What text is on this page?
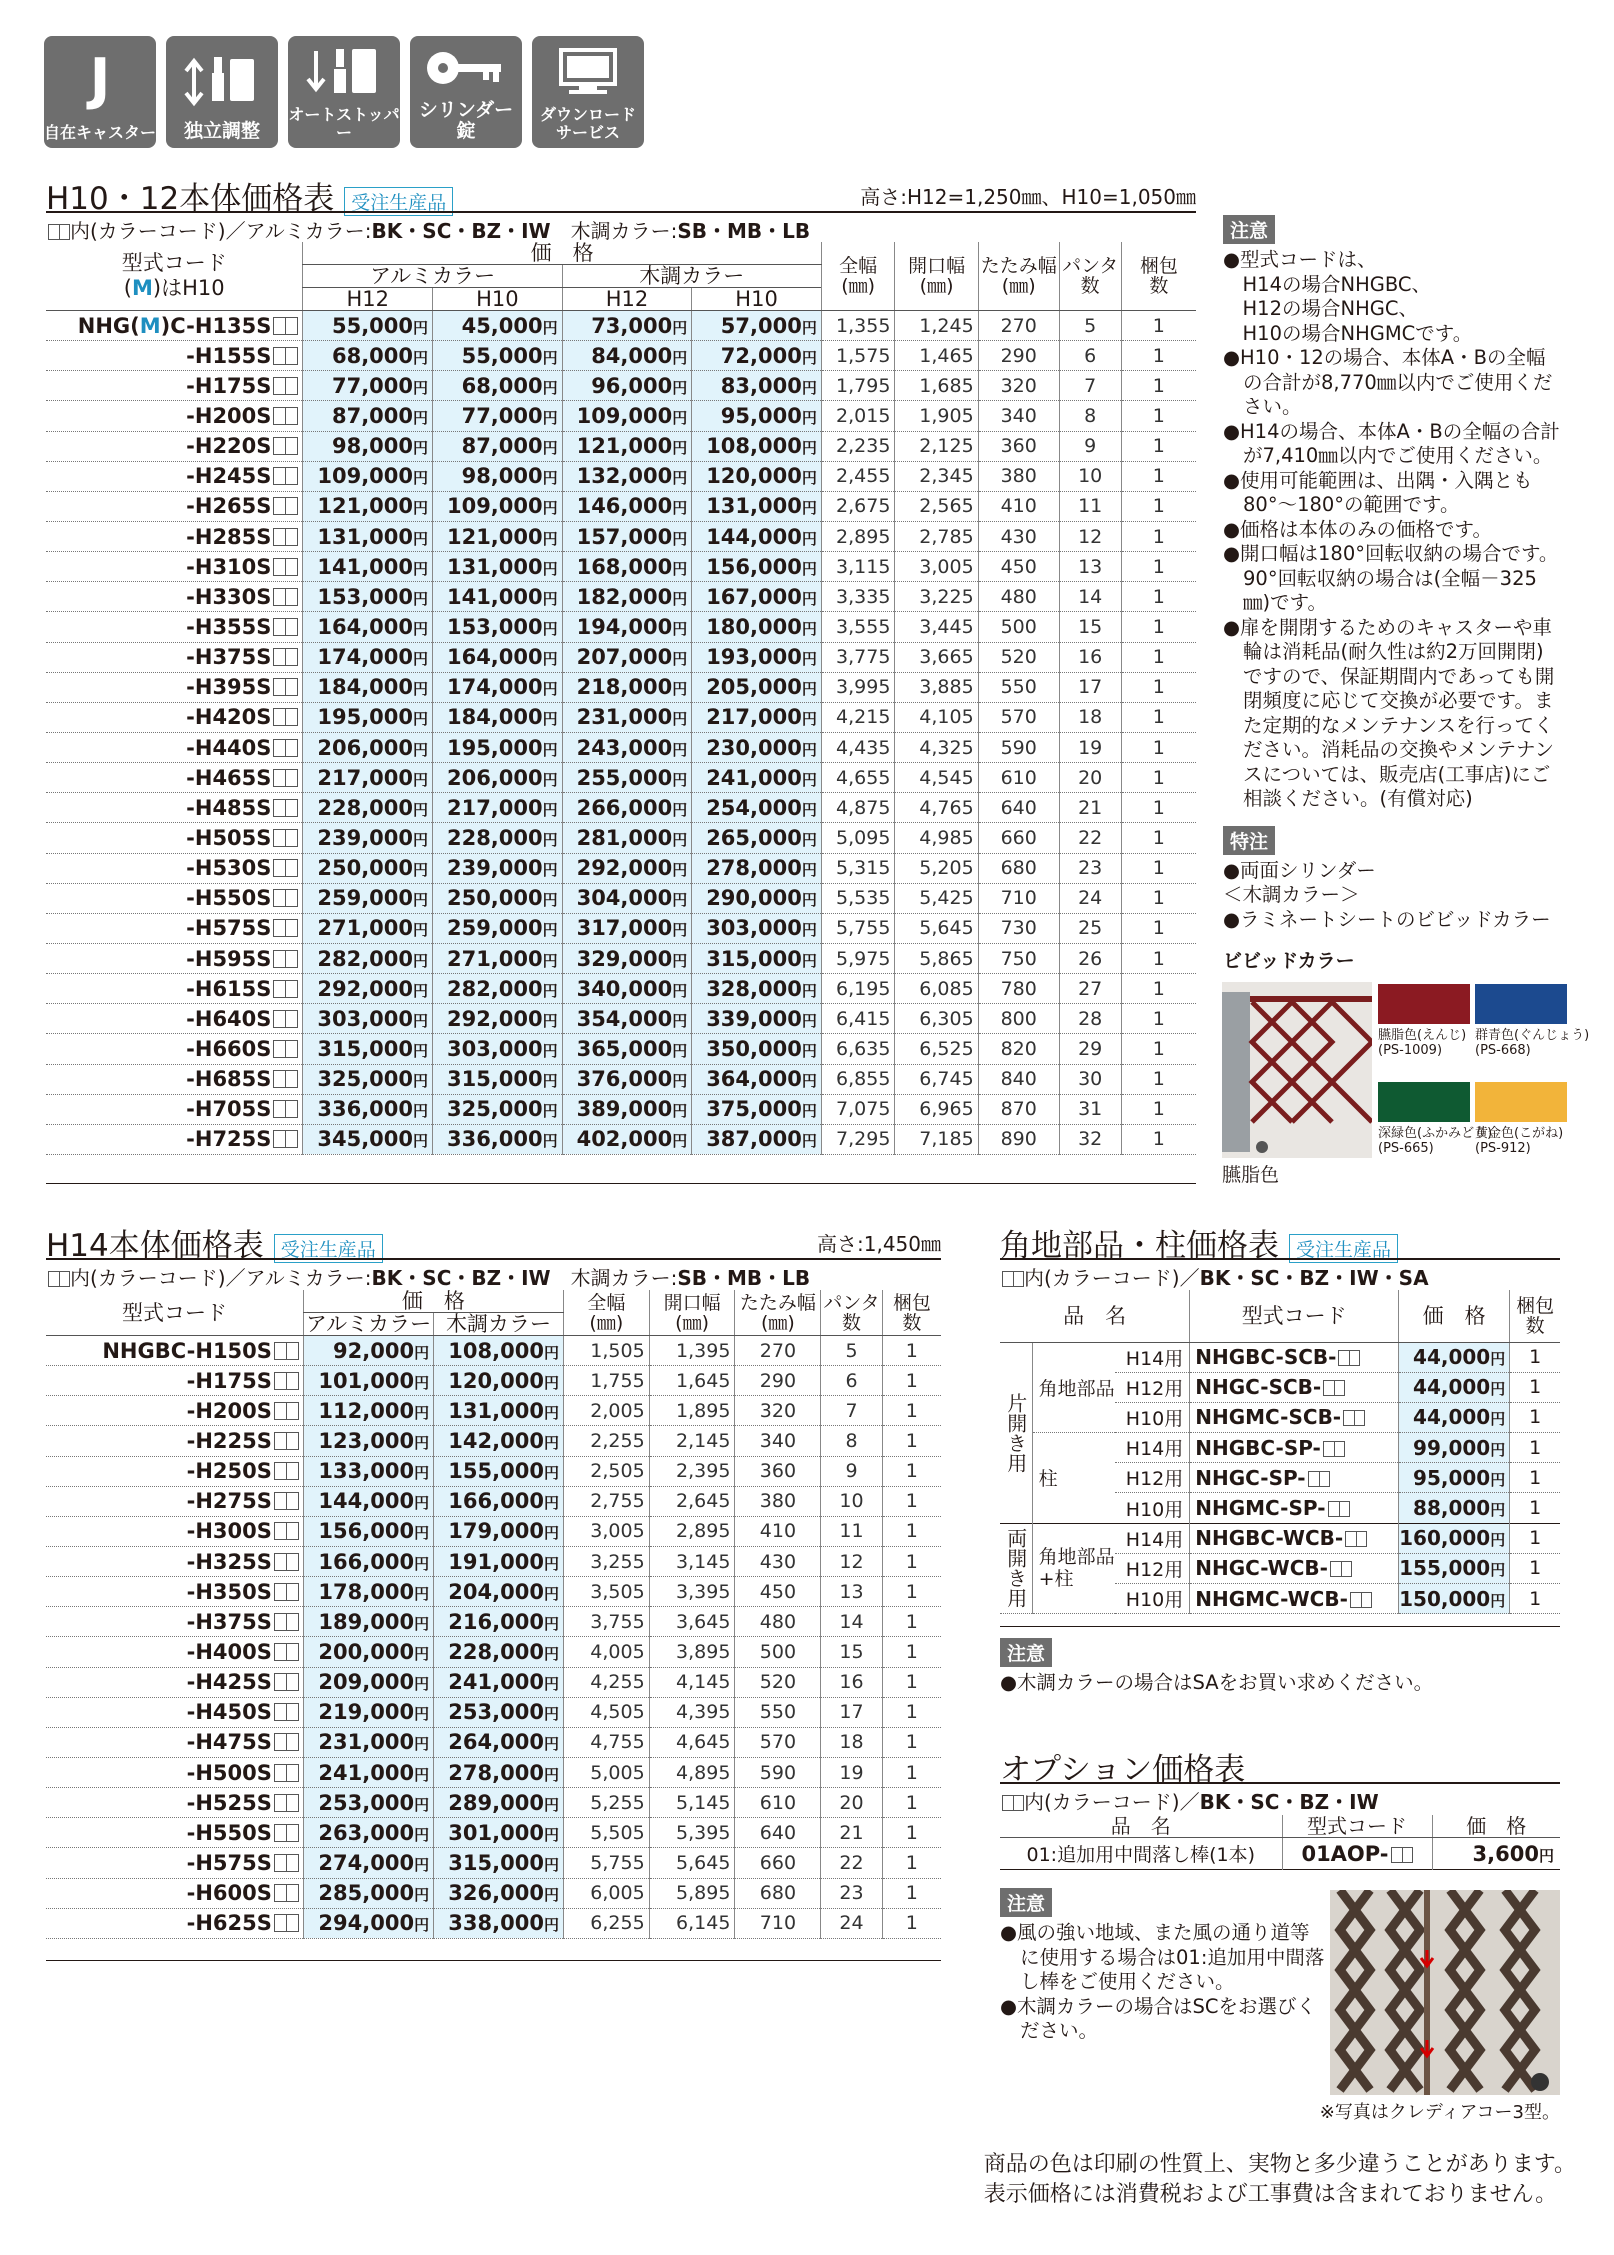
J
自在キャスター 独立調整
オートストッパー
シリンダー錠
ダウンロード
サービス
H10・12本体価格表 受注生産品	高さ:H12=1,250㎜、H10=1,050㎜
内(カラーコード)／アルミカラー:BK・SC・BZ・IW　木調カラー:SB・MB・LB
型式コード
(M)はH10	価　格				全幅
(㎜)	開口幅
(㎜)	たたみ幅
(㎜)	パンタ
数	梱包
数
	アルミカラー		木調カラー						
	H12	H10	H12	H10					
NHG(M)C-H135S	55,000円	45,000円	73,000円	57,000円	1,355	1,245	270	5	1
-H155S	68,000円	55,000円	84,000円	72,000円	1,575	1,465	290	6	1
-H175S	77,000円	68,000円	96,000円	83,000円	1,795	1,685	320	7	1
-H200S	87,000円	77,000円	109,000円	95,000円	2,015	1,905	340	8	1
-H220S	98,000円	87,000円	121,000円	108,000円	2,235	2,125	360	9	1
-H245S	109,000円	98,000円	132,000円	120,000円	2,455	2,345	380	10	1
-H265S	121,000円	109,000円	146,000円	131,000円	2,675	2,565	410	11	1
-H285S	131,000円	121,000円	157,000円	144,000円	2,895	2,785	430	12	1
-H310S	141,000円	131,000円	168,000円	156,000円	3,115	3,005	450	13	1
-H330S	153,000円	141,000円	182,000円	167,000円	3,335	3,225	480	14	1
-H355S	164,000円	153,000円	194,000円	180,000円	3,555	3,445	500	15	1
-H375S	174,000円	164,000円	207,000円	193,000円	3,775	3,665	520	16	1
-H395S	184,000円	174,000円	218,000円	205,000円	3,995	3,885	550	17	1
-H420S	195,000円	184,000円	231,000円	217,000円	4,215	4,105	570	18	1
-H440S	206,000円	195,000円	243,000円	230,000円	4,435	4,325	590	19	1
-H465S	217,000円	206,000円	255,000円	241,000円	4,655	4,545	610	20	1
-H485S	228,000円	217,000円	266,000円	254,000円	4,875	4,765	640	21	1
-H505S	239,000円	228,000円	281,000円	265,000円	5,095	4,985	660	22	1
-H530S	250,000円	239,000円	292,000円	278,000円	5,315	5,205	680	23	1
-H550S	259,000円	250,000円	304,000円	290,000円	5,535	5,425	710	24	1
-H575S	271,000円	259,000円	317,000円	303,000円	5,755	5,645	730	25	1
-H595S	282,000円	271,000円	329,000円	315,000円	5,975	5,865	750	26	1
-H615S	292,000円	282,000円	340,000円	328,000円	6,195	6,085	780	27	1
-H640S	303,000円	292,000円	354,000円	339,000円	6,415	6,305	800	28	1
-H660S	315,000円	303,000円	365,000円	350,000円	6,635	6,525	820	29	1
-H685S	325,000円	315,000円	376,000円	364,000円	6,855	6,745	840	30	1
-H705S	336,000円	325,000円	389,000円	375,000円	7,075	6,965	870	31	1
-H725S	345,000円	336,000円	402,000円	387,000円	7,295	7,185	890	32	1
注意

●型式コードは、

　H14の場合NHGBC、

　H12の場合NHGC、

　H10の場合NHGMCです。

●H10・12の場合、本体A・Bの全幅の合計が8,770㎜以内でご使用ください。

●H14の場合、本体A・Bの全幅の合計が7,410㎜以内でご使用ください。

●使用可能範囲は、出隅・入隅とも80°～180°の範囲です。

●価格は本体のみの価格です。

●開口幅は180°回転収納の場合です。90°回転収納の場合は(全幅－325㎜)です。

●扉を開閉するためのキャスターや車輪は消耗品(耐久性は約2万回開閉)ですので、保証期間内であっても開閉頻度に応じて交換が必要です。また定期的なメンテナンスを行ってください。消耗品の交換やメンテナンスについては、販売店(工事店)にご相談ください。(有償対応)

特注

●両面シリンダー

＜木調カラー＞

●ラミネートシートのビビッドカラー

ビビッドカラー
臙脂色
臙脂色(えんじ)
(PS-1009)
群青色(ぐんじょう)
(PS-668)
深緑色(ふかみどり)
(PS-665)
黄金色(こがね)
(PS-912)
H14本体価格表 受注生産品	高さ:1,450㎜
内(カラーコード)／アルミカラー:BK・SC・BZ・IW　木調カラー:SB・MB・LB
型式コード	価　格		全幅
(㎜)	開口幅
(㎜)	たたみ幅
(㎜)	パンタ
数	梱包
数
	アルミカラー	木調カラー					
NHGBC-H150S	92,000円	108,000円	1,505	1,395	270	5	1
-H175S	101,000円	120,000円	1,755	1,645	290	6	1
-H200S	112,000円	131,000円	2,005	1,895	320	7	1
-H225S	123,000円	142,000円	2,255	2,145	340	8	1
-H250S	133,000円	155,000円	2,505	2,395	360	9	1
-H275S	144,000円	166,000円	2,755	2,645	380	10	1
-H300S	156,000円	179,000円	3,005	2,895	410	11	1
-H325S	166,000円	191,000円	3,255	3,145	430	12	1
-H350S	178,000円	204,000円	3,505	3,395	450	13	1
-H375S	189,000円	216,000円	3,755	3,645	480	14	1
-H400S	200,000円	228,000円	4,005	3,895	500	15	1
-H425S	209,000円	241,000円	4,255	4,145	520	16	1
-H450S	219,000円	253,000円	4,505	4,395	550	17	1
-H475S	231,000円	264,000円	4,755	4,645	570	18	1
-H500S	241,000円	278,000円	5,005	4,895	590	19	1
-H525S	253,000円	289,000円	5,255	5,145	610	20	1
-H550S	263,000円	301,000円	5,505	5,395	640	21	1
-H575S	274,000円	315,000円	5,755	5,645	660	22	1
-H600S	285,000円	326,000円	6,005	5,895	680	23	1
-H625S	294,000円	338,000円	6,255	6,145	710	24	1
角地部品・柱価格表 受注生産品
内(カラーコード)／BK・SC・BZ・IW・SA
品　名			型式コード	価　格	梱包
数
片開き用	角地部品	H14用	NHGBC-SCB-	44,000円	1
		H12用	NHGC-SCB-	44,000円	1
		H10用	NHGMC-SCB-	44,000円	1
	柱	H14用	NHGBC-SP-	99,000円	1
		H12用	NHGC-SP-	95,000円	1
		H10用	NHGMC-SP-	88,000円	1
両開き用	角地部品
+柱	H14用	NHGBC-WCB-	160,000円	1
		H12用	NHGC-WCB-	155,000円	1
		H10用	NHGMC-WCB-	150,000円	1
注意
●木調カラーの場合はSAをお買い求めください。
オプション価格表
内(カラーコード)／BK・SC・BZ・IW
品　名	型式コード	価　格
01:追加用中間落し棒(1本)	01AOP-	3,600円
注意

●風の強い地域、また風の通り道等に使用する場合は01:追加用中間落し棒をご使用ください。

●木調カラーの場合はSCをお選びください。

※写真はクレディアコー3型。
商品の色は印刷の性質上、実物と多少違うことがあります。
表示価格には消費税および工事費は含まれておりません。
